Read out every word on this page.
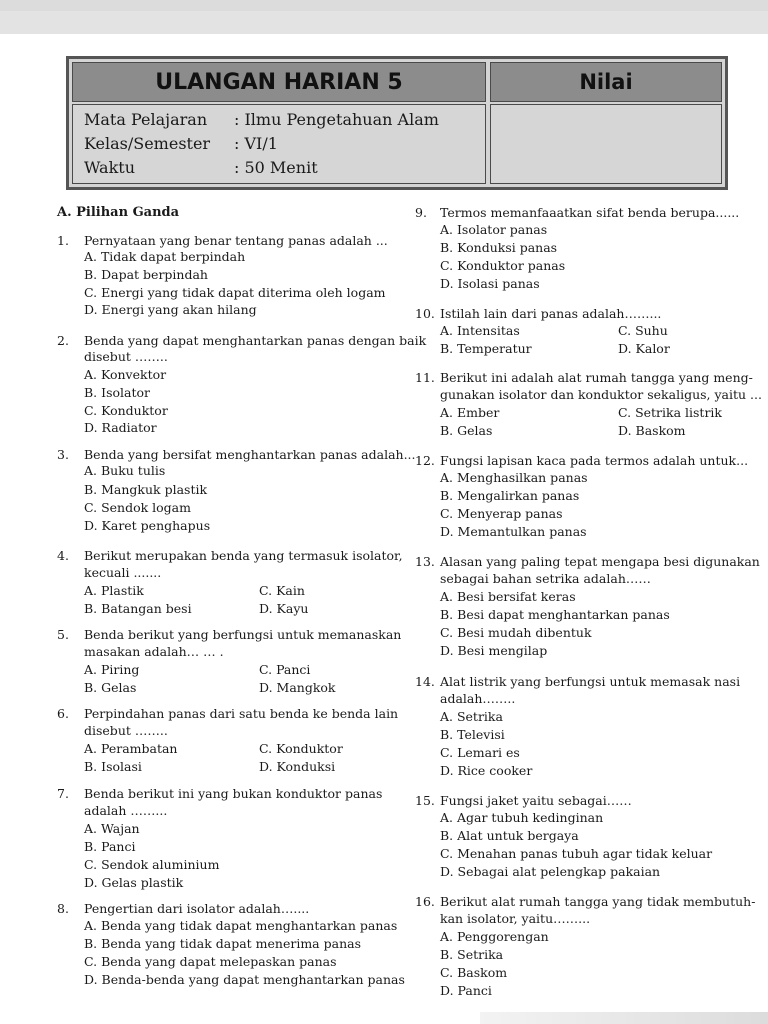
ULANGAN HARIAN 5	Nilai
Mata Pelajaran : Ilmu Pengetahuan Alam
Kelas/Semester : VI/1
Waktu	: 50 Menit
A. Pilihan Ganda
1. Pernyataan yang benar tentang panas adalah ...
A. Tidak dapat berpindah
B. Dapat berpindah
C. Energi yang tidak dapat diterima oleh logam
D. Energi yang akan hilang
2. Benda yang dapat menghantarkan panas dengan baik
disebut ……..
A. Konvektor
B. Isolator
C. Konduktor
D. Radiator
3. Benda yang bersifat menghantarkan panas adalah...
A. Buku tulis
B. Mangkuk plastik
C. Sendok logam
D. Karet penghapus
4. Berikut merupakan benda yang termasuk isolator,
kecuali .......
A. Plastik
B. Batangan besi
C. Kain
D. Kayu
5. Benda berikut yang berfungsi untuk memanaskan
masakan adalah… … .
A. Piring
B. Gelas
C. Panci
D. Mangkok
6. Perpindahan panas dari satu benda ke benda lain
disebut ……..
A. Perambatan
B. Isolasi
C. Konduktor
D. Konduksi
7. Benda berikut ini yang bukan konduktor panas
adalah ……...
A. Wajan
B. Panci
C. Sendok aluminium
D. Gelas plastik
8. Pengertian dari isolator adalah…....
A. Benda yang tidak dapat menghantarkan panas
B. Benda yang tidak dapat menerima panas
C. Benda yang dapat melepaskan panas
D. Benda-benda yang dapat menghantarkan panas
9. Termos memanfaaatkan sifat benda berupa......
A. Isolator panas
B. Konduksi panas
C. Konduktor panas
D. Isolasi panas
10. Istilah lain dari panas adalah……...
A. Intensitas
B. Temperatur
C. Suhu
D. Kalor
11. Berikut ini adalah alat rumah tangga yang meng-
gunakan isolator dan konduktor sekaligus, yaitu ...
A. Ember
B. Gelas
C. Setrika listrik
D. Baskom
12. Fungsi lapisan kaca pada termos adalah untuk...
A. Menghasilkan panas
B. Mengalirkan panas
C. Menyerap panas
D. Memantulkan panas
13. Alasan yang paling tepat mengapa besi digunakan
sebagai bahan setrika adalah……
A. Besi bersifat keras
B. Besi dapat menghantarkan panas
C. Besi mudah dibentuk
D. Besi mengilap
14. Alat listrik yang berfungsi untuk memasak nasi
adalah……..
A. Setrika
B. Televisi
C. Lemari es
D. Rice cooker
15. Fungsi jaket yaitu sebagai……
A. Agar tubuh kedinginan
B. Alat untuk bergaya
C. Menahan panas tubuh agar tidak keluar
D. Sebagai alat pelengkap pakaian
16. Berikut alat rumah tangga yang tidak membutuh-
kan isolator, yaitu……...
A. Penggorengan
B. Setrika
C. Baskom
D. Panci
